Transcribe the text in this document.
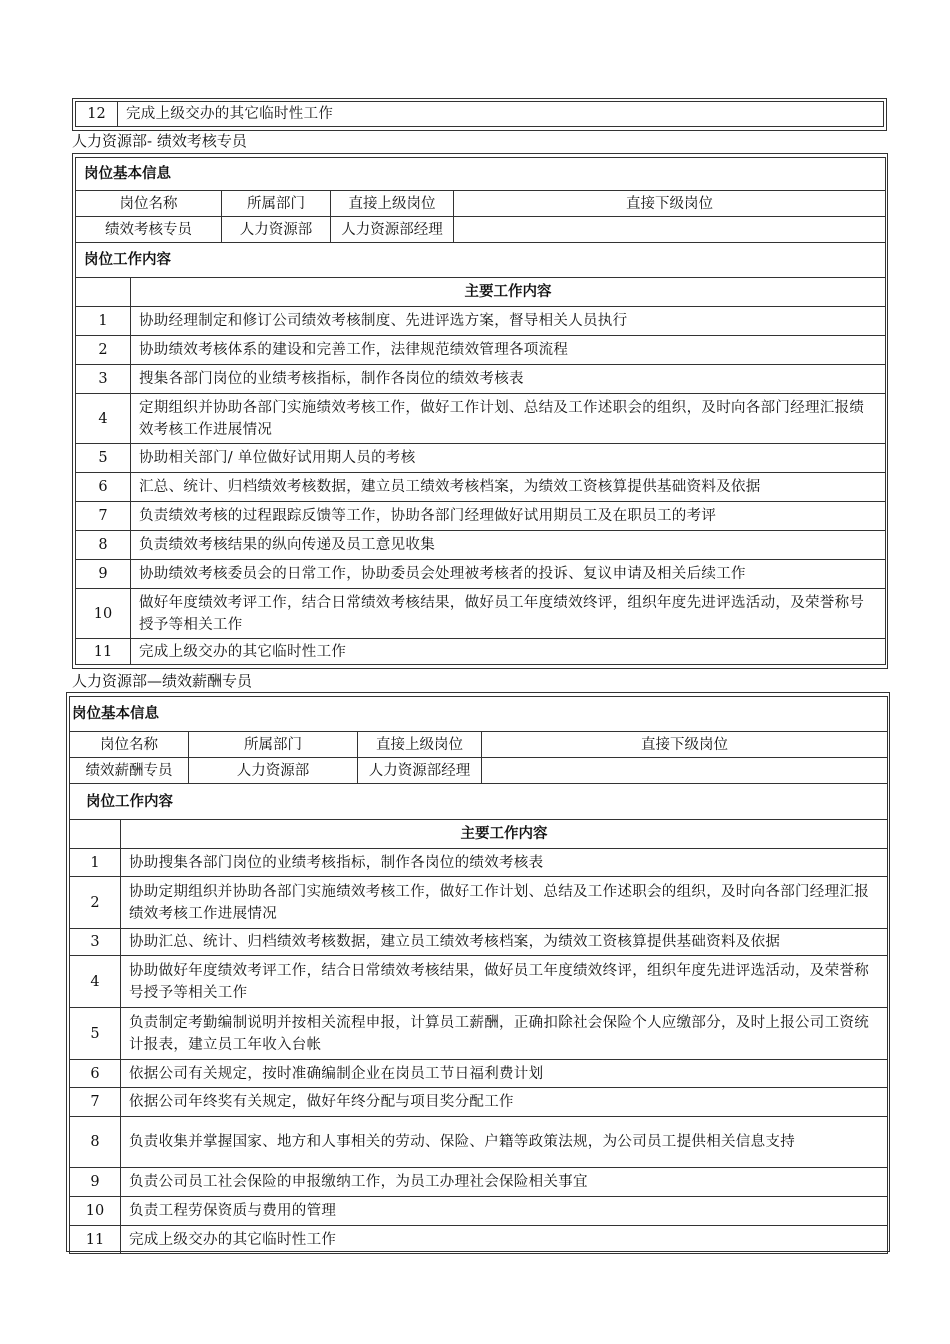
12	完成上级交办的其它临时性工作
人力资源部- 绩效考核专员
岗位基本信息				
岗位名称		所属部门	直接上级岗位	直接下级岗位
绩效考核专员		人力资源部	人力资源部经理	
岗位工作内容				
	主要工作内容			
1	协助经理制定和修订公司绩效考核制度、先进评选方案，督导相关人员执行			
2	协助绩效考核体系的建设和完善工作，法律规范绩效管理各项流程			
3	搜集各部门岗位的业绩考核指标，制作各岗位的绩效考核表			
4	定期组织并协助各部门实施绩效考核工作，做好工作计划、总结及工作述职会的组织，及时向各部门经理汇报绩效考核工作进展情况			
5	协助相关部门/ 单位做好试用期人员的考核			
6	汇总、统计、归档绩效考核数据，建立员工绩效考核档案，为绩效工资核算提供基础资料及依据			
7	负责绩效考核的过程跟踪反馈等工作，协助各部门经理做好试用期员工及在职员工的考评			
8	负责绩效考核结果的纵向传递及员工意见收集			
9	协助绩效考核委员会的日常工作，协助委员会处理被考核者的投诉、复议申请及相关后续工作			
10	做好年度绩效考评工作，结合日常绩效考核结果，做好员工年度绩效终评，组织年度先进评选活动，及荣誉称号授予等相关工作			
11	完成上级交办的其它临时性工作			
人力资源部—绩效薪酬专员
岗位基本信息				
岗位名称		所属部门	直接上级岗位	直接下级岗位
绩效薪酬专员		人力资源部	人力资源部经理	
岗位工作内容				
	主要工作内容			
1	协助搜集各部门岗位的业绩考核指标，制作各岗位的绩效考核表			
2	协助定期组织并协助各部门实施绩效考核工作，做好工作计划、总结及工作述职会的组织，及时向各部门经理汇报绩效考核工作进展情况			
3	协助汇总、统计、归档绩效考核数据，建立员工绩效考核档案，为绩效工资核算提供基础资料及依据			
4	协助做好年度绩效考评工作，结合日常绩效考核结果，做好员工年度绩效终评，组织年度先进评选活动，及荣誉称号授予等相关工作			
5	负责制定考勤编制说明并按相关流程申报，计算员工薪酬，正确扣除社会保险个人应缴部分，及时上报公司工资统计报表，建立员工年收入台帐			
6	依据公司有关规定，按时准确编制企业在岗员工节日福利费计划			
7	依据公司年终奖有关规定，做好年终分配与项目奖分配工作			
8	负责收集并掌握国家、地方和人事相关的劳动、保险、户籍等政策法规，为公司员工提供相关信息支持			
9	负责公司员工社会保险的申报缴纳工作，为员工办理社会保险相关事宜			
10	负责工程劳保资质与费用的管理			
11	完成上级交办的其它临时性工作			
